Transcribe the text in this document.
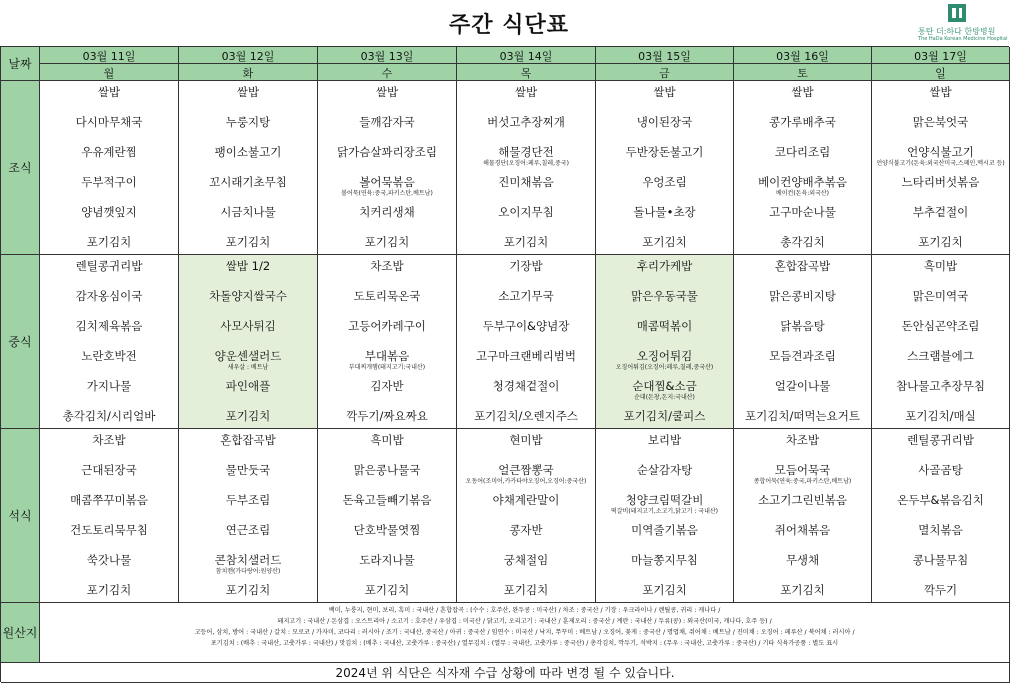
주간 식단표	통탄 더:하다 한방병원
The HaDa Korean Medicine Hospital
날짜
03월 11일
월
03월 12일
화
03월 13일
수
03월 14일
목
03월 15일
금
03월 16일
토
03월 17일
일
조식
쌀밥
다시마무채국
우유계란찜
두부적구이
양념깻잎지
포기김치
쌀밥
누룽지탕
팽이소불고기
꼬시래기초무침
시금치나물
포기김치
쌀밥
들깨감자국
닭가슴살꽈리장조림
볼어묵볶음
치커리생채
포기김치
볼어묵(연육:중국,파키스탄,베트남)
쌀밥
버섯고추장찌개
해물경단전
진미채볶음
오이지무침
포기김치
해물경단(오징어:페루,칠레,중국)
쌀밥
냉이된장국
두반장돈불고기
우엉조림
돌나물•초장
포기김치
쌀밥
콩가루배추국
코다리조림
베이컨양배추볶음
고구마순나물
총각김치
베이컨(돈육:외국산)
쌀밥
맑은북엇국
언양식불고기
느타리버섯볶음
부추겉절이
포기김치
언양식불고기(돈육:외국산미국,스페인,멕시코 등)
중식
렌틸콩귀리밥
감자옹심이국
김치제육볶음
노란호박전
가지나물
총각김치/시리얼바
쌀밥 1/2
차돌양지쌀국수
사모사튀김
양운센샐러드
파인애플
포기김치
새우살 : 베트남
차조밥
도토리묵온국
고등어카레구이
부대볶음
김자반
깍두기/짜요짜요
부대찌개햄(돼지고기:국내산)
기장밥
소고기무국
두부구이&양념장
고구마크랜베리범벅
청경채겉절이
포기김치/오렌지주스
후리가케밥
맑은우동국물
매콤떡볶이
오징어튀김
순대찜&소금
포기김치/쿨피스
오징어튀김(오징어:페루,칠레,중국산)
순대(돈창,돈지:국내산)
혼합잡곡밥
맑은콩비지탕
닭볶음탕
모듬견과조림
얼갈이나물
포기김치/떠먹는요거트
흑미밥
맑은미역국
돈안심곤약조림
스크램블에그
참나물고추장무침
포기김치/매실
석식
차조밥
근대된장국
매콤쭈꾸미볶음
건도토리묵무침
쑥갓나물
포기김치
혼합잡곡밥
물만둣국
두부조림
연근조림
콘참치샐러드
포기김치
참치캔(가다랑어:원양산)
흑미밥
맑은콩나물국
돈육고들빼기볶음
단호박물엿찜
도라지나물
포기김치
현미밥
얼큰짬뽕국
야채계란말이
콩자반
궁채절임
포기김치
오동어(조미어,카카타야오징어,오징어:중국산)
보리밥
순살감자탕
청양크림떡갈비
미역줄기볶음
마늘쫑지무침
포기김치
떡갈비(돼지고기,소고기,닭고기 : 국내산)
차조밥
모듬어묵국
소고기그린빈볶음
쥐어채볶음
무생채
포기김치
종합어묵(연육:중국,파키스탄,베트남)
렌틸콩귀리밥
사골곰탕
온두부&볶음김치
멸치볶음
콩나물무침
깍두기
원산지
백미, 누룽지, 현미, 보리, 흑미 : 국내산 / 혼합잡곡 : (수수 : 호주산, 완두콩 : 미국산) / 차조 : 중국산 / 기장 : 우크라이나 / 렌틸콩, 귀리 : 캐나다 /
돼지고기 : 국내산 / 돈삼겹 : 오스트리아 / 소고기 : 호주산 / 우삼겹 : 미국산 / 닭고기, 오리고기 : 국내산 / 훈제오리 : 중국산 / 계란 : 국내산 / 두류(콩) : 외국산(미국, 캐나다, 호주 등) /
고등어, 삼치, 방어 : 국내산 / 갈치 : 모로코 / 가자미, 코다리 : 러시아 / 조기 : 국내산, 중국산 / 아귀 : 중국산 / 임연수 : 미국산 / 낙지, 쭈꾸미 : 베트남 / 오징어, 꽃게 : 중국산 / 명엽채, 쥐어채 : 베트남 / 진미채 : 오징어 : 페루산 / 북어채 : 러시아 /
포기김치 : (배추 : 국내산, 고춧가루 : 국내산) / 맛김치 : (배추 : 국내산, 고춧가루 : 중국산) / 열무김치 : (열무 : 국내산, 고춧가루 : 중국산) / 총각김치, 깍두기, 석박지 : (무우 : 국내산, 고춧가루 : 중국산) / 기타 식육가공품 : 별도 표시
2024년 위 식단은 식자재 수급 상황에 따라 변경 될 수 있습니다.
